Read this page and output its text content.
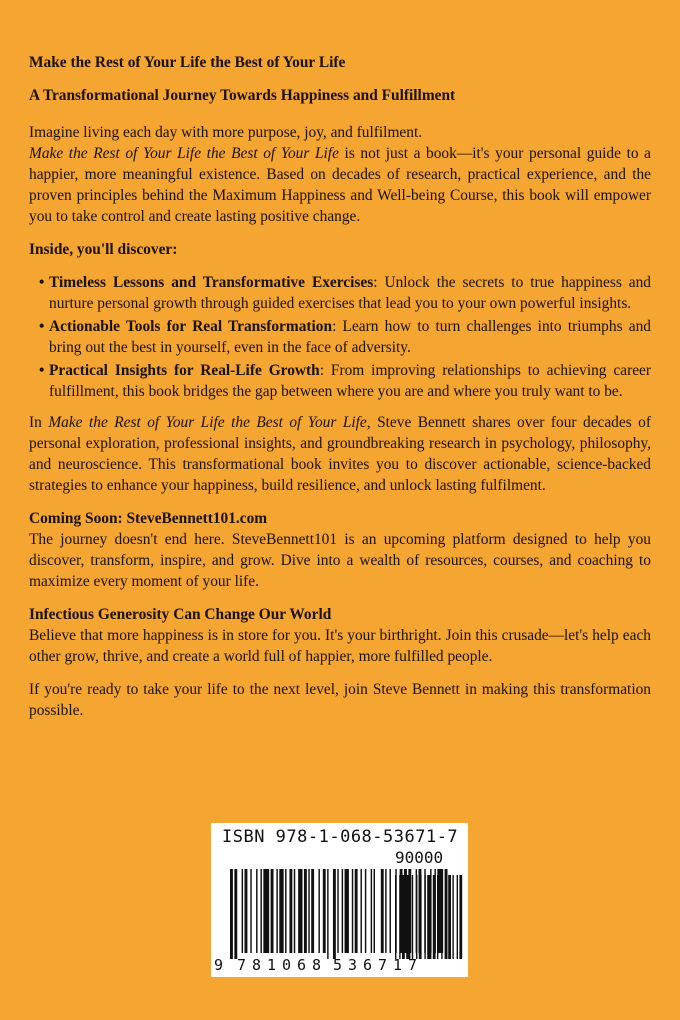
Make the Rest of Your Life the Best of Your Life

A Transformational Journey Towards Happiness and Fulfillment

Imagine living each day with more purpose, joy, and fulfilment.

Make the Rest of Your Life the Best of Your Life is not just a book—it's your personal guide to a happier, more meaningful existence. Based on decades of research, practical experience, and the proven principles behind the Maximum Happiness and Well-being Course, this book will empower you to take control and create lasting positive change.

Inside, you'll discover:

• Timeless Lessons and Transformative Exercises: Unlock the secrets to true happiness and nurture personal growth through guided exercises that lead you to your own powerful insights.
• Actionable Tools for Real Transformation: Learn how to turn challenges into triumphs and bring out the best in yourself, even in the face of adversity.
• Practical Insights for Real-Life Growth: From improving relationships to achieving career fulfillment, this book bridges the gap between where you are and where you truly want to be.

In Make the Rest of Your Life the Best of Your Life, Steve Bennett shares over four decades of personal exploration, professional insights, and groundbreaking research in psychology, philosophy, and neuroscience. This transformational book invites you to discover actionable, science-backed strategies to enhance your happiness, build resilience, and unlock lasting fulfilment.

Coming Soon: SteveBennett101.com

The journey doesn't end here. SteveBennett101 is an upcoming platform designed to help you discover, transform, inspire, and grow. Dive into a wealth of resources, courses, and coaching to maximize every moment of your life.

Infectious Generosity Can Change Our World

Believe that more happiness is in store for you. It's your birthright. Join this crusade—let's help each other grow, thrive, and create a world full of happier, more fulfilled people.

If you're ready to take your life to the next level, join Steve Bennett in making this transformation possible.

9 781068 536717
ISBN 978-1-068-53671-7
90000
